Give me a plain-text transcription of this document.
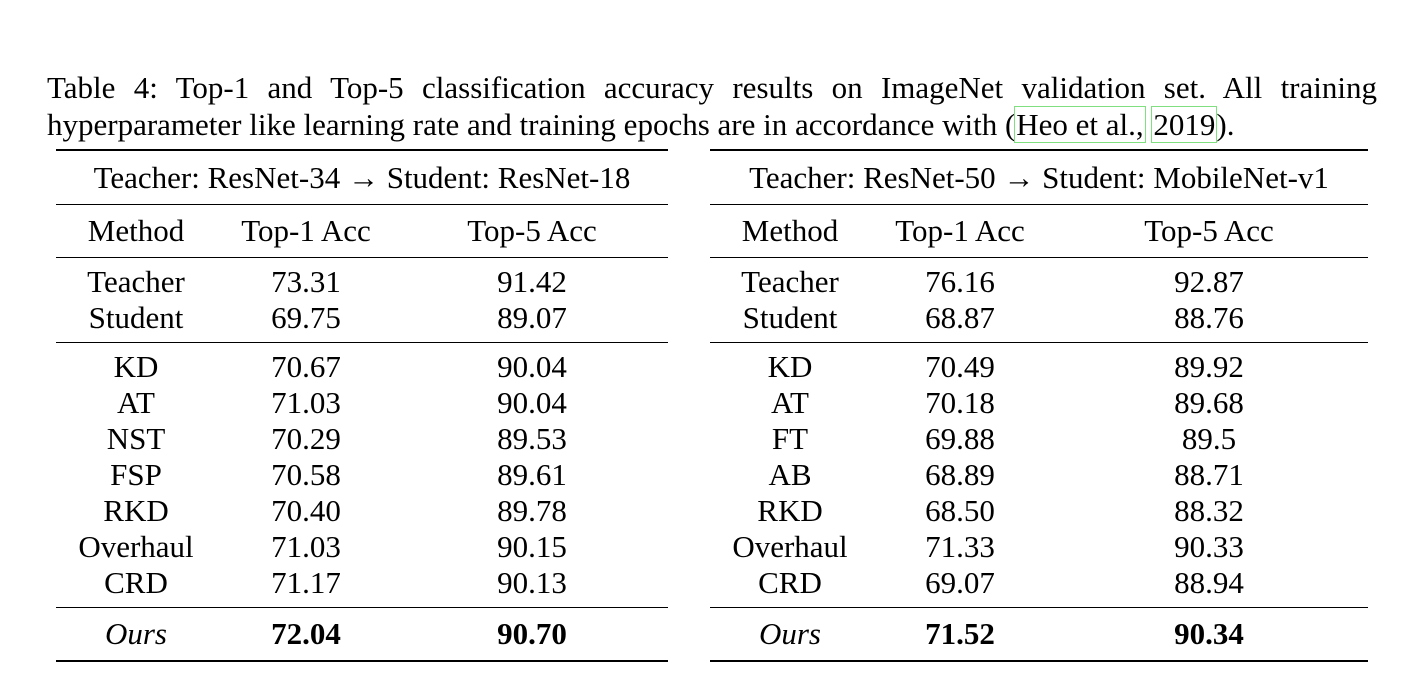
Table 4: Top-1 and Top-5 classification accuracy results on ImageNet validation set. All training hyperparameter like learning rate and training epochs are in accordance with (Heo et al., 2019).

Teacher: ResNet-34 → Student: ResNet-18		
Method	Top-1 Acc	Top-5 Acc
Teacher	73.31	91.42
Student	69.75	89.07
KD	70.67	90.04
AT	71.03	90.04
NST	70.29	89.53
FSP	70.58	89.61
RKD	70.40	89.78
Overhaul	71.03	90.15
CRD	71.17	90.13
Ours	72.04	90.70
Teacher: ResNet-50 → Student: MobileNet-v1		
Method	Top-1 Acc	Top-5 Acc
Teacher	76.16	92.87
Student	68.87	88.76
KD	70.49	89.92
AT	70.18	89.68
FT	69.88	89.5
AB	68.89	88.71
RKD	68.50	88.32
Overhaul	71.33	90.33
CRD	69.07	88.94
Ours	71.52	90.34
